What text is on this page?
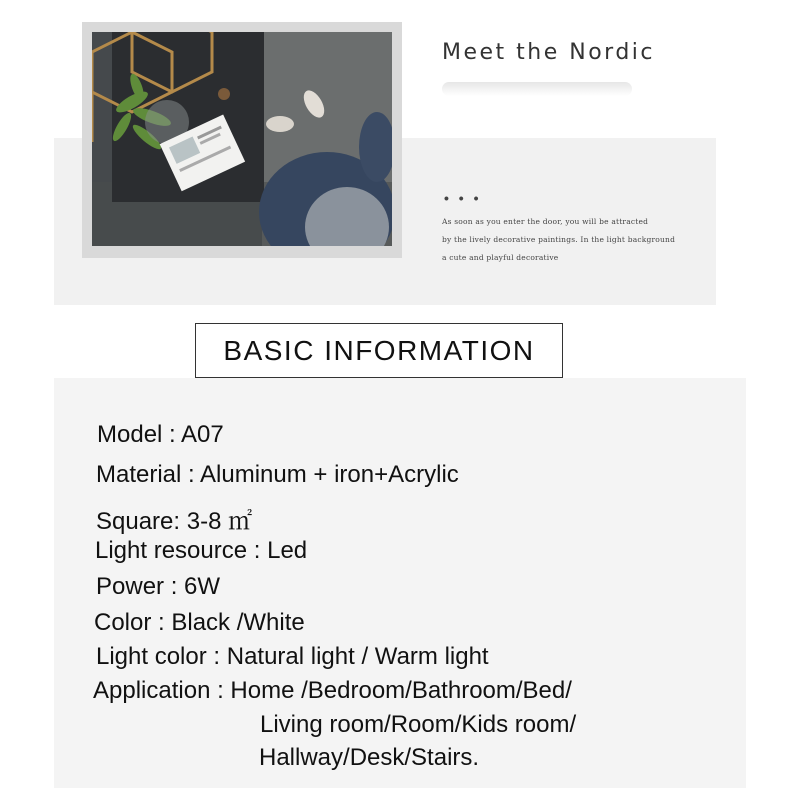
Meet the Nordic
• • •
As soon as you enter the door, you will be attracted
by the lively decorative paintings. In the light background
a cute and playful decorative
BASIC INFORMATION
Model : A07
Material : Aluminum + iron+Acrylic
Square: 3-8 ㎡
Light resource : Led
Power : 6W
Color : Black /White
Light color : Natural light / Warm light
Application : Home /Bedroom/Bathroom/Bed/
Living room/Room/Kids room/
Hallway/Desk/Stairs.
